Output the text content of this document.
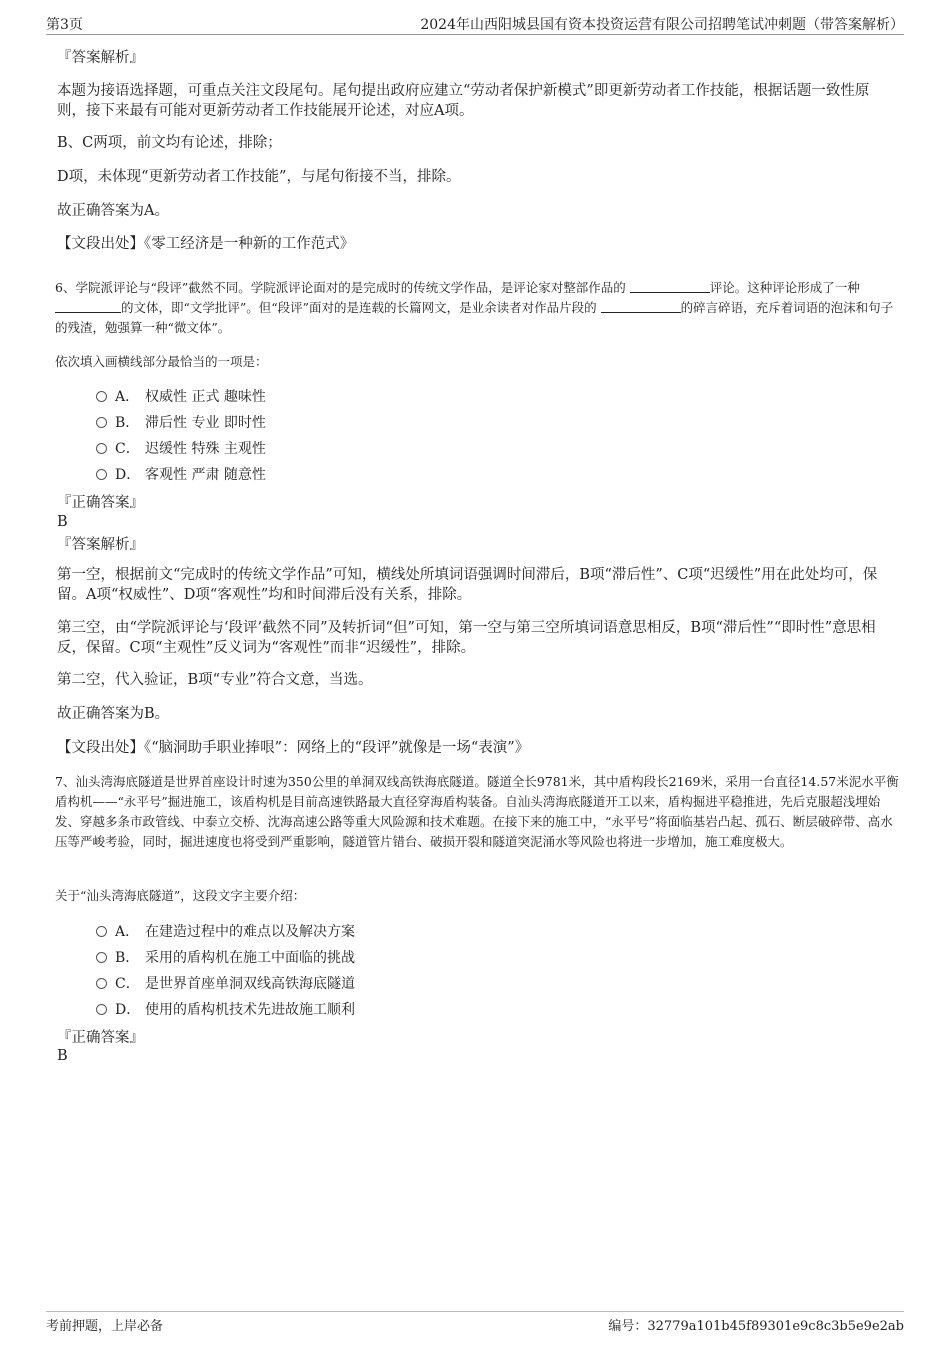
第3页	2024年山西阳城县国有资本投资运营有限公司招聘笔试冲刺题（带答案解析）
『答案解析』

本题为接语选择题，可重点关注文段尾句。尾句提出政府应建立“劳动者保护新模式”即更新劳动者工作技能，根据话题一致性原则，接下来最有可能对更新劳动者工作技能展开论述，对应A项。

B、C两项，前文均有论述，排除；

D项，未体现“更新劳动者工作技能”，与尾句衔接不当，排除。

故正确答案为A。

【文段出处】《零工经济是一种新的工作范式》

6、学院派评论与“段评”截然不同。学院派评论面对的是完成时的传统文学作品，是评论家对整部作品的	评论。这种评论形成了一种 的文体，即“文学批评”。但“段评”面对的是连载的长篇网文，是业余读者对作品片段的	的碎言碎语，充斥着词语的泡沫和句子的残渣，勉强算一种“微文体”。

依次填入画横线部分最恰当的一项是：

A． 权威性 正式 趣味性
B． 滞后性 专业 即时性
C． 迟缓性 特殊 主观性
D． 客观性 严肃 随意性
『正确答案』
B
『答案解析』

第一空，根据前文“完成时的传统文学作品”可知，横线处所填词语强调时间滞后，B项“滞后性”、C项“迟缓性”用在此处均可，保留。A项“权威性”、D项“客观性”均和时间滞后没有关系，排除。

第三空，由“学院派评论与‘段评’截然不同”及转折词“但”可知，第一空与第三空所填词语意思相反，B项“滞后性”“即时性”意思相反，保留。C项“主观性”反义词为“客观性”而非“迟缓性”，排除。

第二空，代入验证，B项“专业”符合文意，当选。

故正确答案为B。

【文段出处】《“脑洞助手职业捧哏”：网络上的“段评”就像是一场“表演”》

7、汕头湾海底隧道是世界首座设计时速为350公里的单洞双线高铁海底隧道。隧道全长9781米，其中盾构段长2169米，采用一台直径14.57米泥水平衡盾构机——“永平号”掘进施工，该盾构机是目前高速铁路最大直径穿海盾构装备。自汕头湾海底隧道开工以来，盾构掘进平稳推进，先后克服超浅埋始发、穿越多条市政管线、中泰立交桥、沈海高速公路等重大风险源和技术难题。在接下来的施工中，“永平号”将面临基岩凸起、孤石、断层破碎带、高水压等严峻考验，同时，掘进速度也将受到严重影响，隧道管片错台、破损开裂和隧道突泥涌水等风险也将进一步增加，施工难度极大。

关于“汕头湾海底隧道”，这段文字主要介绍：

A． 在建造过程中的难点以及解决方案
B． 采用的盾构机在施工中面临的挑战
C． 是世界首座单洞双线高铁海底隧道
D． 使用的盾构机技术先进故施工顺利
『正确答案』
B
考前押题，上岸必备	编号：32779a101b45f89301e9c8c3b5e9e2ab
